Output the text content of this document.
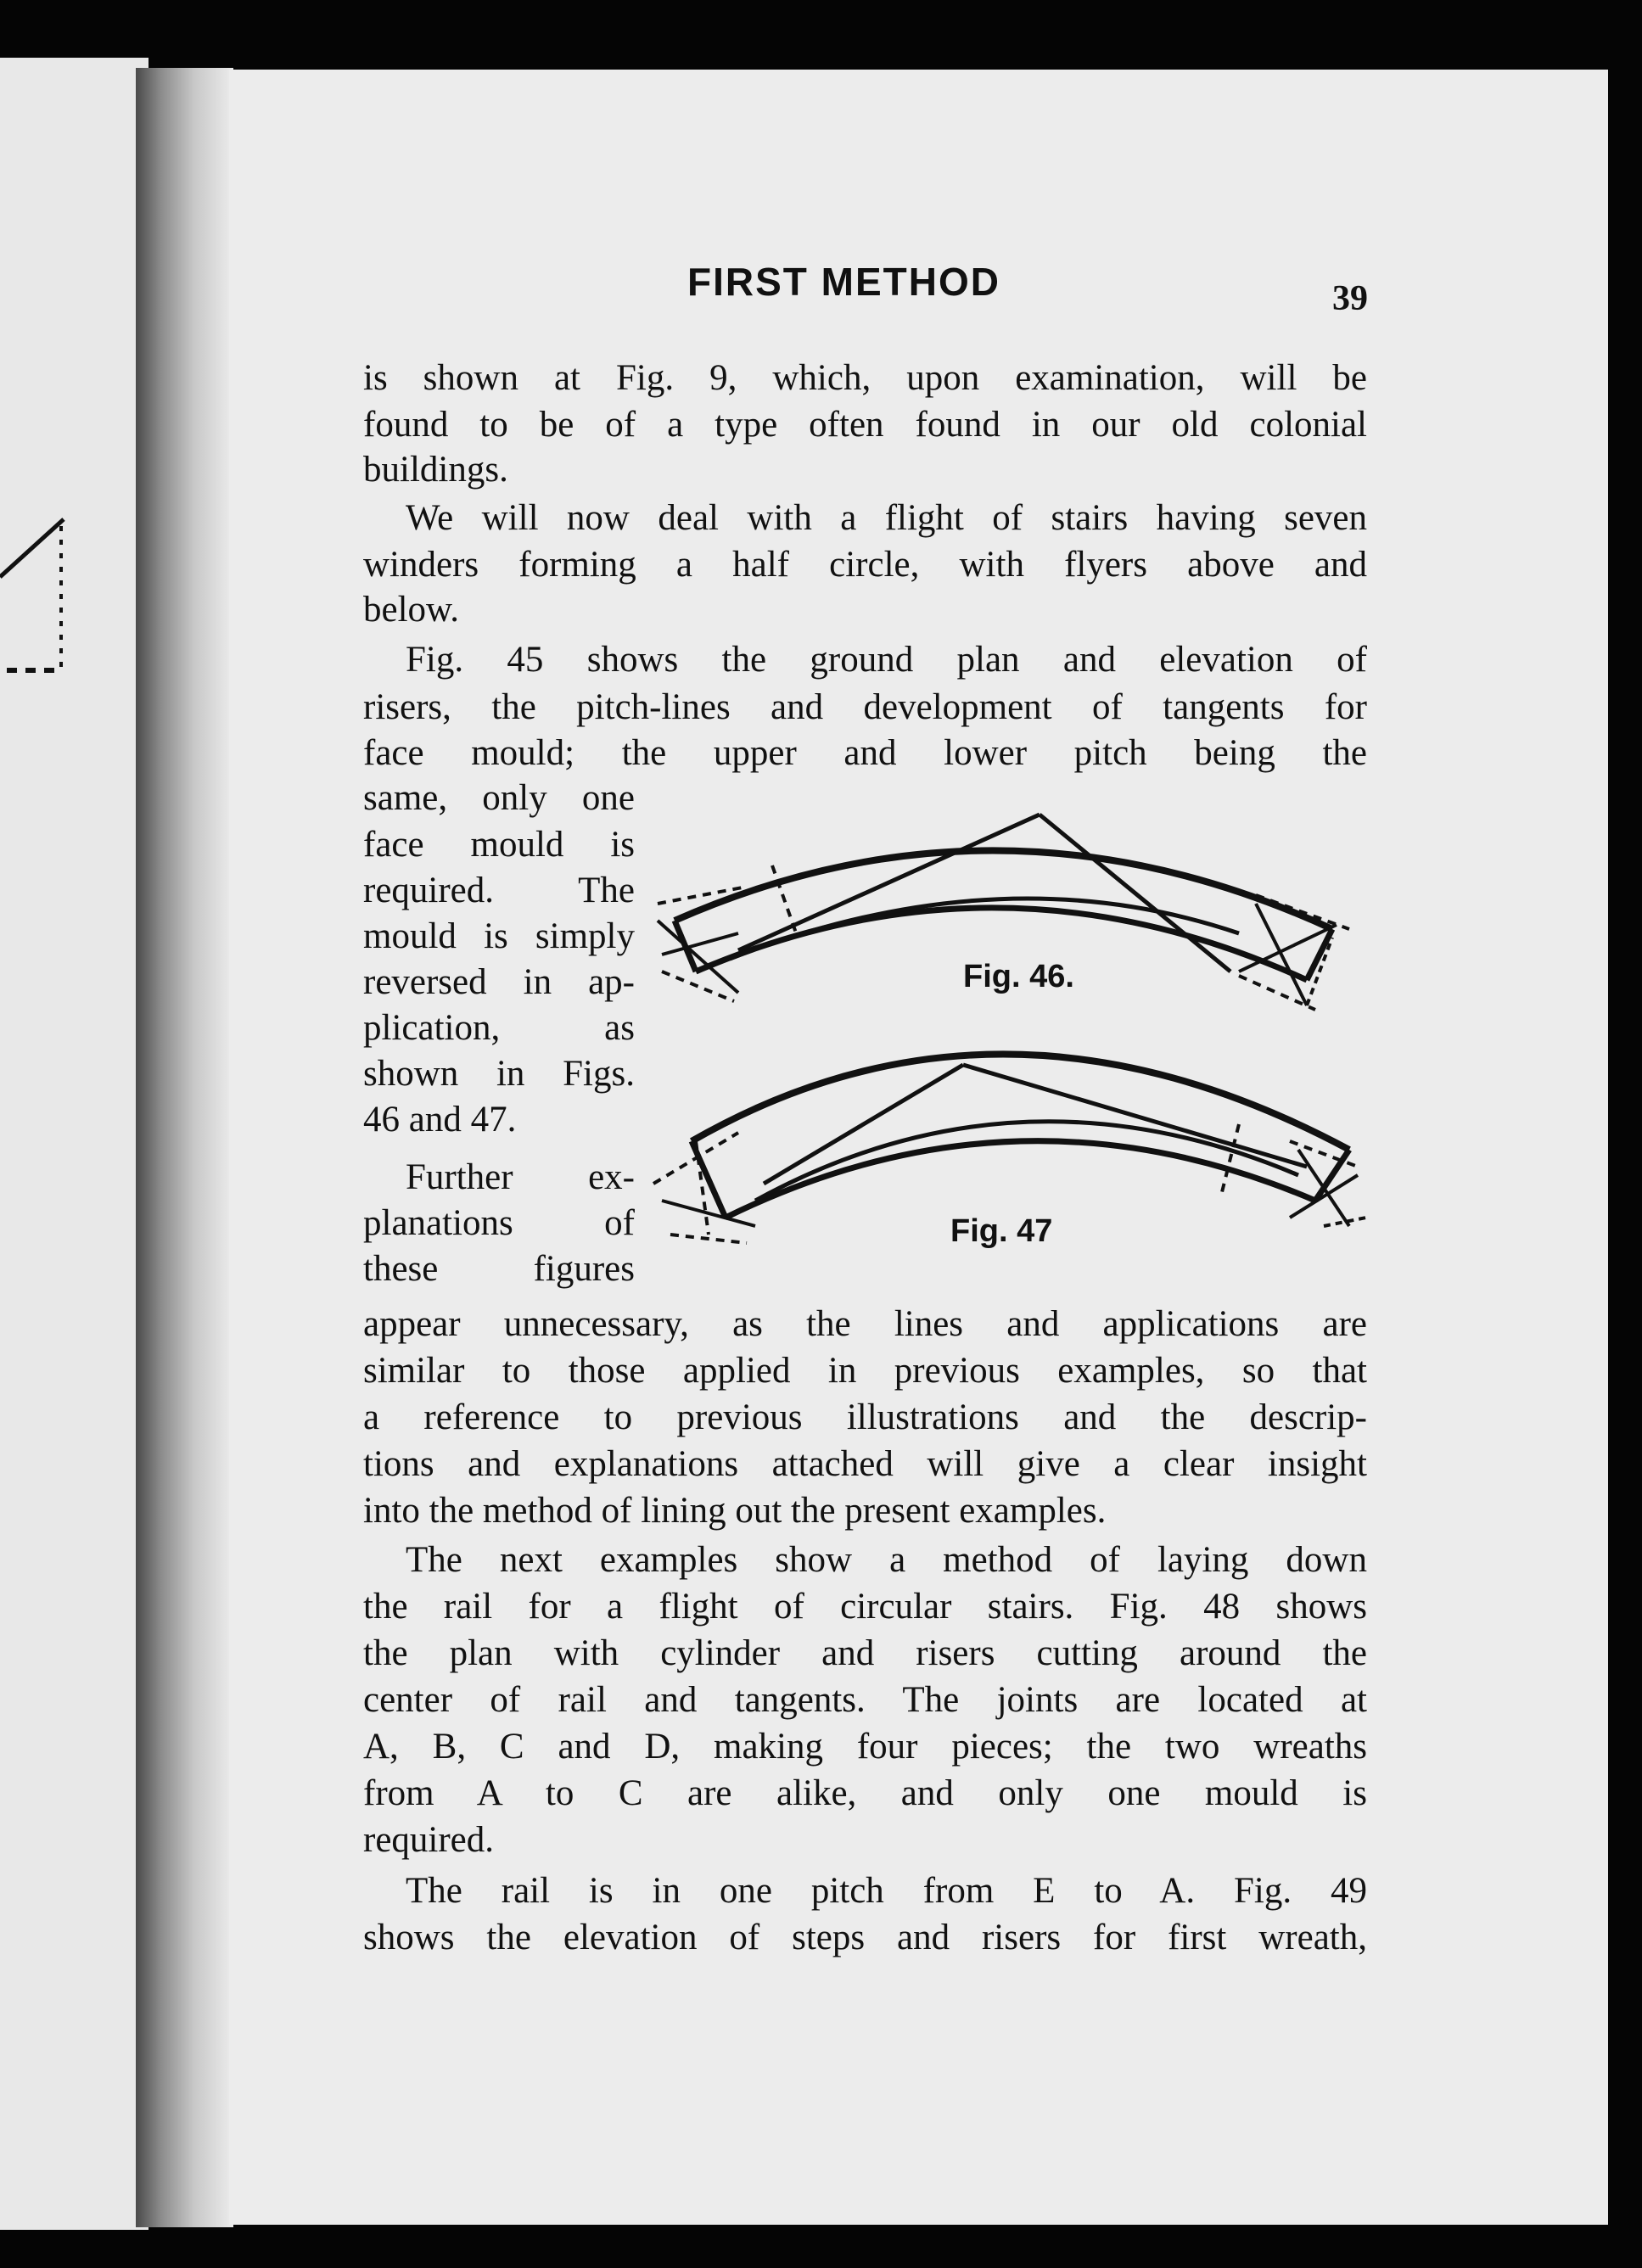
FIRST METHOD	39
is shown at Fig. 9, which, upon examination, will be
found to be of a type often found in our old colonial
buildings.
We will now deal with a flight of stairs having seven
winders forming a half circle, with flyers above and
below.
Fig. 45 shows the ground plan and elevation of
risers, the pitch-lines and development of tangents for
face mould; the upper and lower pitch being the
same, only one
face mould is
required. The
mould is simply
reversed in ap-
plication, as
shown in Figs.
46 and 47.
Further ex-
planations of
these figures
appear unnecessary, as the lines and applications are
similar to those applied in previous examples, so that
a reference to previous illustrations and the descrip-
tions and explanations attached will give a clear insight
into the method of lining out the present examples.
The next examples show a method of laying down
the rail for a flight of circular stairs. Fig. 48 shows
the plan with cylinder and risers cutting around the
center of rail and tangents. The joints are located at
A, B, C and D, making four pieces; the two wreaths
from A to C are alike, and only one mould is
required.
The rail is in one pitch from E to A. Fig. 49
shows the elevation of steps and risers for first wreath,
Fig. 46.
Fig. 47
